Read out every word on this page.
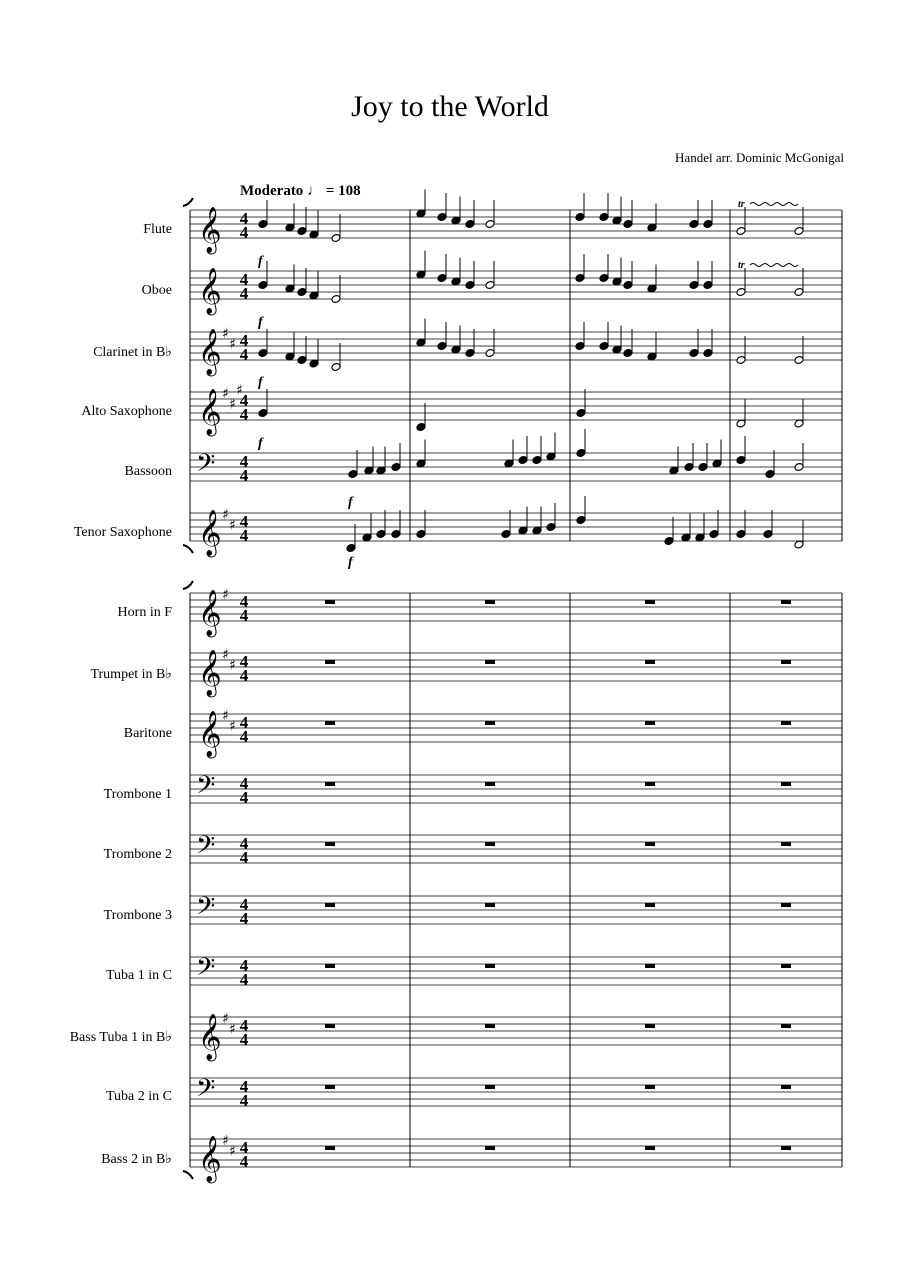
Joy to the World
Handel arr. Dominic McGonigal
Moderato ♩ = 108
Flute
Oboe
Clarinet in B♭
Alto Saxophone
Bassoon
Tenor Saxophone
Horn in F
Trumpet in B♭
Baritone
Trombone 1
Trombone 2
Trombone 3
Tuba 1 in C
Bass Tuba 1 in B♭
Tuba 2 in C
Bass 2 in B♭
𝄞
𝄞
𝄞
𝄞
𝄢
𝄞
𝄞
𝄞
𝄞
𝄢
𝄢
𝄢
𝄢
𝄞
𝄢
𝄞
♯
♯
♯
♯
♯
♯
♯
♯
♯
♯
♯
♯
♯
♯
♯
♯
4
4
4
4
4
4
4
4
4
4
4
4
4
4
4
4
4
4
4
4
4
4
4
4
4
4
4
4
4
4
4
4
f
f
f
f
f
f
tr
tr
